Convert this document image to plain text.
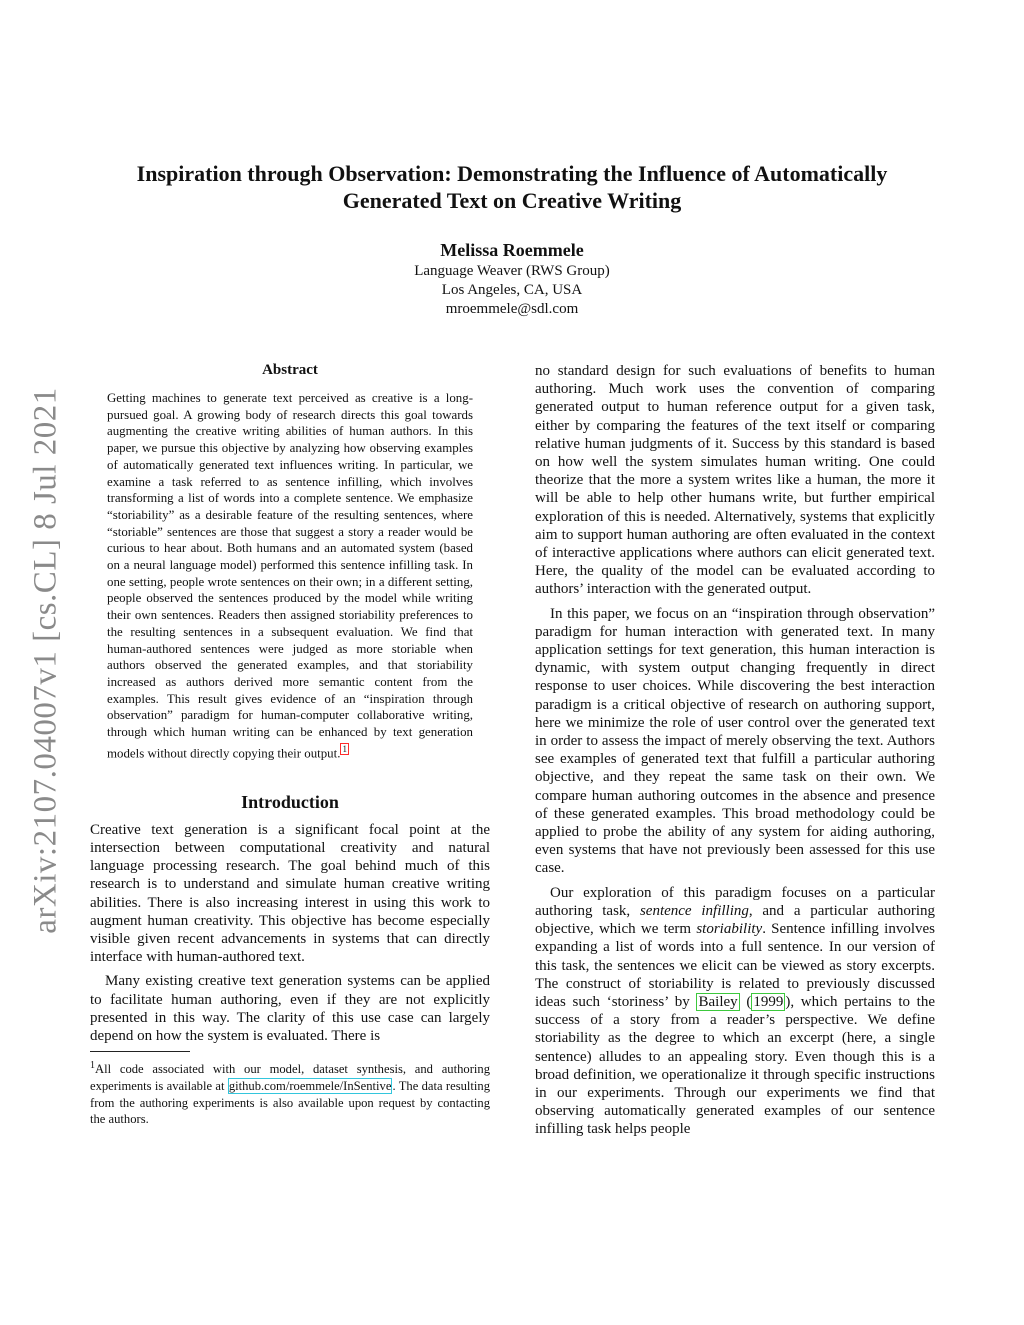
arXiv:2107.04007v1 [cs.CL] 8 Jul 2021
Inspiration through Observation: Demonstrating the Influence of Automatically Generated Text on Creative Writing
Melissa Roemmele
Language Weaver (RWS Group)
Los Angeles, CA, USA
mroemmele@sdl.com
Abstract

Getting machines to generate text perceived as creative is a long-pursued goal. A growing body of research directs this goal towards augmenting the creative writing abilities of human authors. In this paper, we pursue this objective by analyzing how observing examples of automatically generated text influences writing. In particular, we examine a task referred to as sentence infilling, which involves transforming a list of words into a complete sentence. We emphasize “storiability” as a desirable feature of the resulting sentences, where “storiable” sentences are those that suggest a story a reader would be curious to hear about. Both humans and an automated system (based on a neural language model) performed this sentence infilling task. In one setting, people wrote sentences on their own; in a different setting, people observed the sentences produced by the model while writing their own sentences. Readers then assigned storiability preferences to the resulting sentences in a subsequent evaluation. We find that human-authored sentences were judged as more storiable when authors observed the generated examples, and that storiability increased as authors derived more semantic content from the examples. This result gives evidence of an “inspiration through observation” paradigm for human-computer collaborative writing, through which human writing can be enhanced by text generation models without directly copying their output. $^1$

Introduction

Creative text generation is a significant focal point at the intersection between computational creativity and natural language processing research. The goal behind much of this research is to understand and simulate human creative writing abilities. There is also increasing interest in using this work to augment human creativity. This objective has become especially visible given recent advancements in systems that can directly interface with human-authored text.

Many existing creative text generation systems can be applied to facilitate human authoring, even if they are not explicitly presented in this way. The clarity of this use case can largely depend on how the system is evaluated. There is

$^1$All code associated with our model, dataset synthesis, and authoring experiments is available at github.com/roemmele/InSentive. The data resulting from the authoring experiments is also available upon request by contacting the authors.

no standard design for such evaluations of benefits to human authoring. Much work uses the convention of comparing generated output to human reference output for a given task, either by comparing the features of the text itself or comparing relative human judgments of it. Success by this standard is based on how well the system simulates human writing. One could theorize that the more a system writes like a human, the more it will be able to help other humans write, but further empirical exploration of this is needed. Alternatively, systems that explicitly aim to support human authoring are often evaluated in the context of interactive applications where authors can elicit generated text. Here, the quality of the model can be evaluated according to authors’ interaction with the generated output.

In this paper, we focus on an “inspiration through observation” paradigm for human interaction with generated text. In many application settings for text generation, this human interaction is dynamic, with system output changing frequently in direct response to user choices. While discovering the best interaction paradigm is a critical objective of research on authoring support, here we minimize the role of user control over the generated text in order to assess the impact of merely observing the text. Authors see examples of generated text that fulfill a particular authoring objective, and they repeat the same task on their own. We compare human authoring outcomes in the absence and presence of these generated examples. This broad methodology could be applied to probe the ability of any system for aiding authoring, even systems that have not previously been assessed for this use case.

Our exploration of this paradigm focuses on a particular authoring task, sentence infilling, and a particular authoring objective, which we term storiability. Sentence infilling involves expanding a list of words into a full sentence. In our version of this task, the sentences we elicit can be viewed as story excerpts. The construct of storiability is related to previously discussed ideas such ‘storiness’ by Bailey ( 1999 ), which pertains to the success of a story from a reader’s perspective. We define storiability as the degree to which an excerpt (here, a single sentence) alludes to an appealing story. Even though this is a broad definition, we operationalize it through specific instructions in our experiments. Through our experiments we find that observing automatically generated examples of our sentence infilling task helps people
